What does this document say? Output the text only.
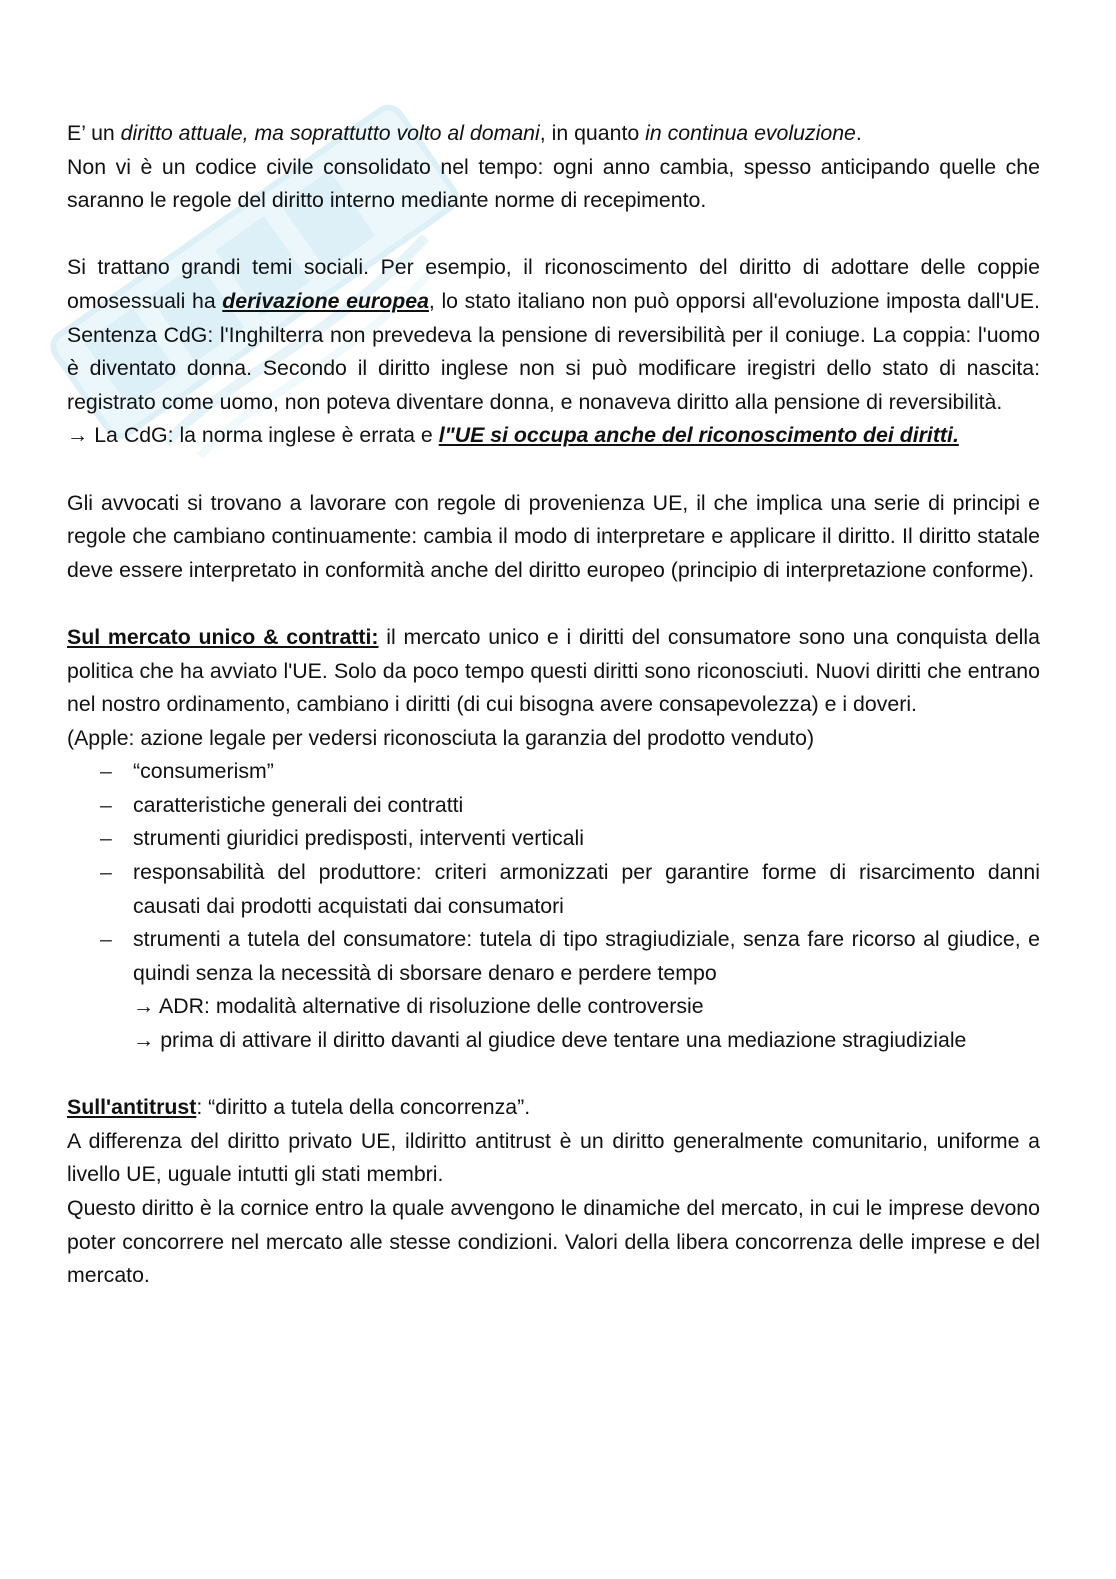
E’ un diritto attuale, ma soprattutto volto al domani, in quanto in continua evoluzione.
Non vi è un codice civile consolidato nel tempo: ogni anno cambia, spesso anticipando quelle che saranno le regole del diritto interno mediante norme di recepimento.

Si trattano grandi temi sociali. Per esempio, il riconoscimento del diritto di adottare delle coppie omosessuali ha derivazione europea, lo stato italiano non può opporsi all'evoluzione imposta dall'UE. Sentenza CdG: l'Inghilterra non prevedeva la pensione di reversibilità per il coniuge. La coppia: l'uomo è diventato donna. Secondo il diritto inglese non si può modificare iregistri dello stato di nascita: registrato come uomo, non poteva diventare donna, e nonaveva diritto alla pensione di reversibilità.
→ La CdG: la norma inglese è errata e l"UE si occupa anche del riconoscimento dei diritti.

Gli avvocati si trovano a lavorare con regole di provenienza UE, il che implica una serie di principi e regole che cambiano continuamente: cambia il modo di interpretare e applicare il diritto. Il diritto statale deve essere interpretato in conformità anche del diritto europeo (principio di interpretazione conforme).

Sul mercato unico & contratti: il mercato unico e i diritti del consumatore sono una conquista della politica che ha avviato l'UE. Solo da poco tempo questi diritti sono riconosciuti. Nuovi diritti che entrano nel nostro ordinamento, cambiano i diritti (di cui bisogna avere consapevolezza) e i doveri.

(Apple: azione legale per vedersi riconosciuta la garanzia del prodotto venduto)

– “consumerism”
– caratteristiche generali dei contratti
– strumenti giuridici predisposti, interventi verticali
– responsabilità del produttore: criteri armonizzati per garantire forme di risarcimento danni causati dai prodotti acquistati dai consumatori
– strumenti a tutela del consumatore: tutela di tipo stragiudiziale, senza fare ricorso al giudice, e quindi senza la necessità di sborsare denaro e perdere tempo
→ ADR: modalità alternative di risoluzione delle controversie
→ prima di attivare il diritto davanti al giudice deve tentare una mediazione stragiudiziale

Sull'antitrust: “diritto a tutela della concorrenza”.

A differenza del diritto privato UE, ildiritto antitrust è un diritto generalmente comunitario, uniforme a livello UE, uguale intutti gli stati membri.

Questo diritto è la cornice entro la quale avvengono le dinamiche del mercato, in cui le imprese devono poter concorrere nel mercato alle stesse condizioni. Valori della libera concorrenza delle imprese e del mercato.
